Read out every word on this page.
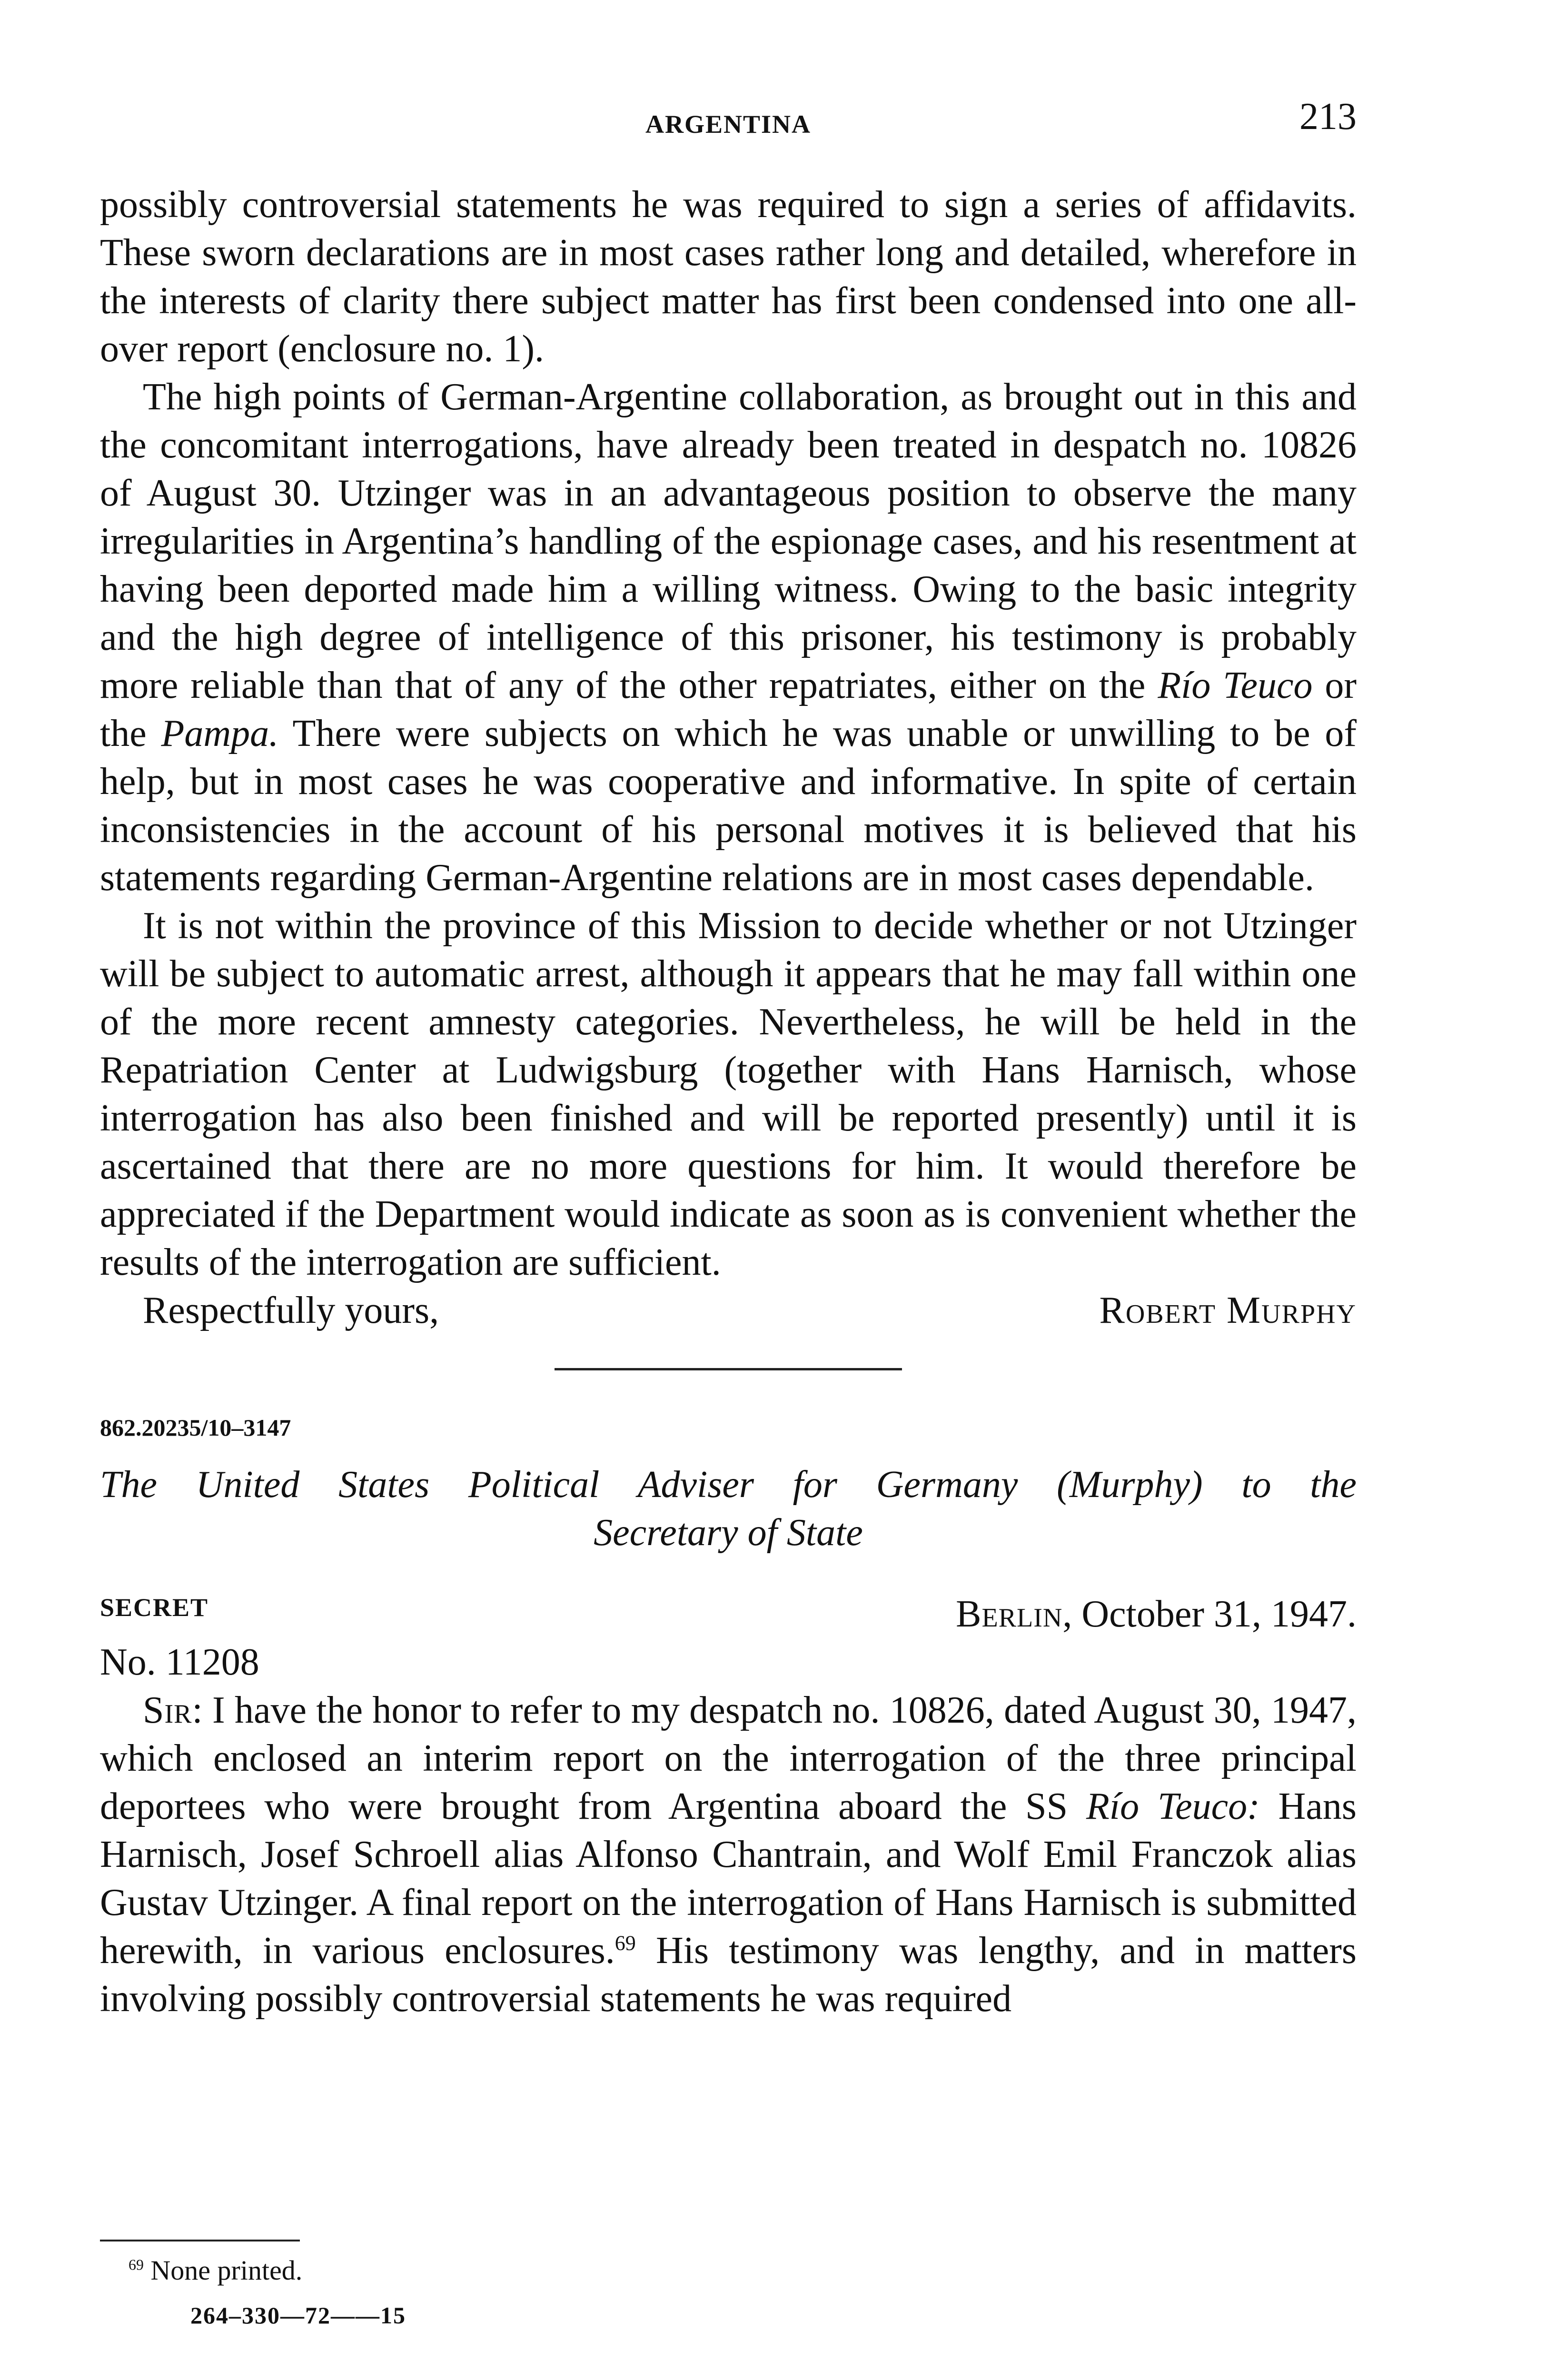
ARGENTINA	213

possibly controversial statements he was required to sign a series of affidavits. These sworn declarations are in most cases rather long and detailed, wherefore in the interests of clarity there subject matter has first been condensed into one all-over report (enclosure no. 1).

The high points of German-Argentine collaboration, as brought out in this and the concomitant interrogations, have already been treated in despatch no. 10826 of August 30. Utzinger was in an advantageous position to observe the many irregularities in Argentina’s handling of the espionage cases, and his resentment at having been deported made him a willing witness. Owing to the basic integrity and the high degree of intelligence of this prisoner, his testimony is probably more reliable than that of any of the other repatriates, either on the Río Teuco or the Pampa. There were subjects on which he was unable or unwilling to be of help, but in most cases he was cooperative and informative. In spite of certain inconsistencies in the account of his personal motives it is believed that his statements regarding German-Argentine relations are in most cases dependable.

It is not within the province of this Mission to decide whether or not Utzinger will be subject to automatic arrest, although it appears that he may fall within one of the more recent amnesty categories. Nevertheless, he will be held in the Repatriation Center at Ludwigsburg (together with Hans Harnisch, whose interrogation has also been finished and will be reported presently) until it is ascertained that there are no more questions for him. It would therefore be appreciated if the Department would indicate as soon as is convenient whether the results of the interrogation are sufficient.

Respectfully yours,	Robert Murphy
862.20235/10–3147
The United States Political Adviser for Germany (Murphy) to the
Secretary of State
SECRET	Berlin, October 31, 1947.
No. 11208

Sir: I have the honor to refer to my despatch no. 10826, dated August 30, 1947, which enclosed an interim report on the interrogation of the three principal deportees who were brought from Argentina aboard the SS Río Teuco: Hans Harnisch, Josef Schroell alias Alfonso Chantrain, and Wolf Emil Franczok alias Gustav Utzinger. A final report on the interrogation of Hans Harnisch is submitted herewith, in various enclosures.$^{69}$ His testimony was lengthy, and in matters involving possibly controversial statements he was required

$^{69}$ None printed.
264–330—72——15
